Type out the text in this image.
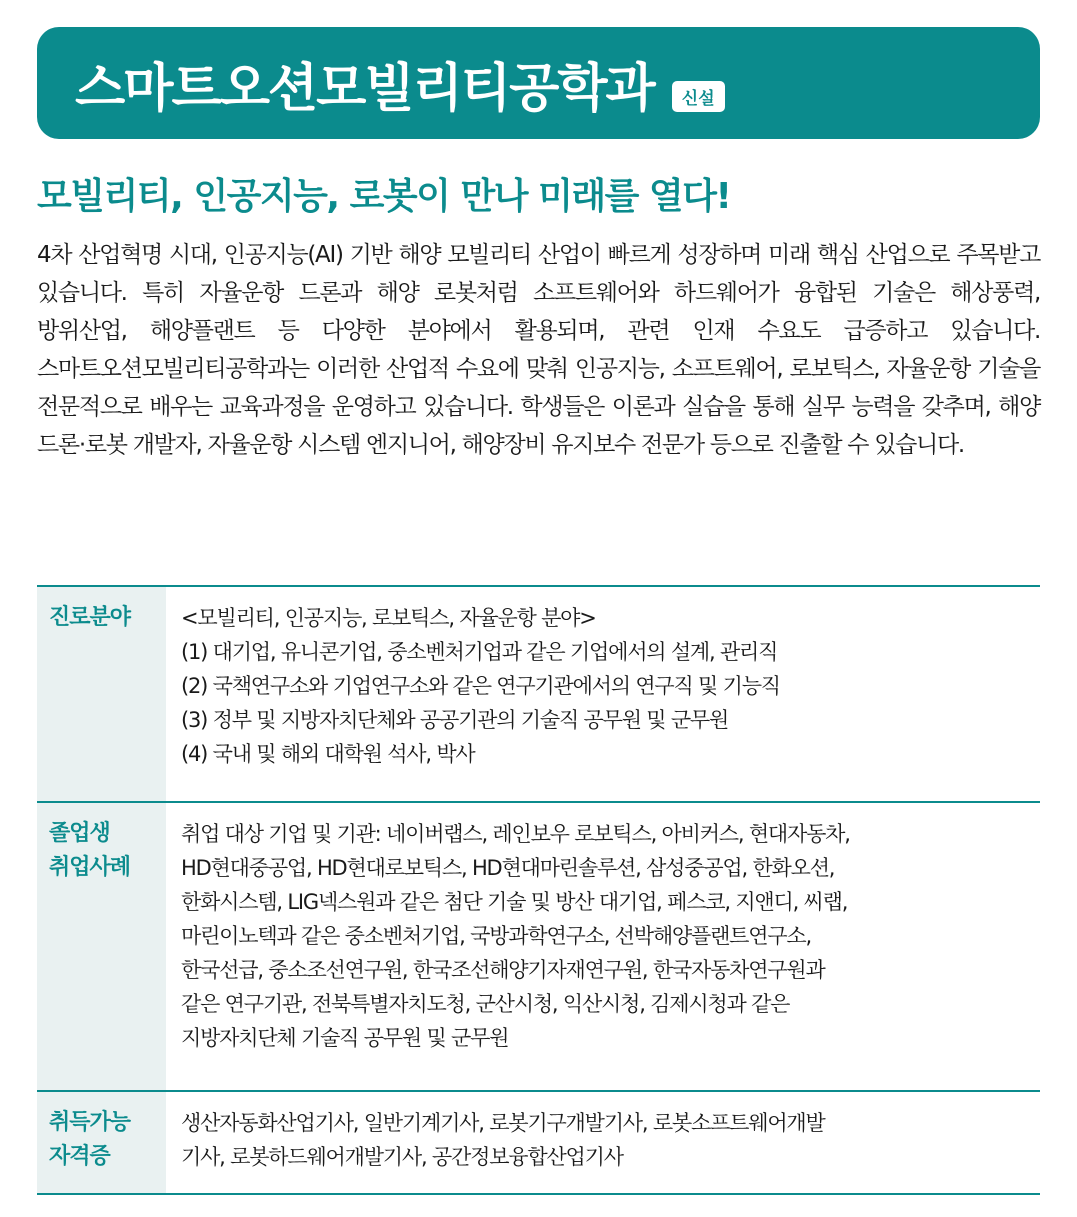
스마트오션모빌리티공학과	신설
모빌리티, 인공지능, 로봇이 만나 미래를 열다!
4차 산업혁명 시대, 인공지능(AI) 기반 해양 모빌리티 산업이 빠르게 성장하며 미래 핵심 산업으로 주목받고 있습니다. 특히 자율운항 드론과 해양 로봇처럼 소프트웨어와 하드웨어가 융합된 기술은 해상풍력, 방위산업, 해양플랜트 등 다양한 분야에서 활용되며, 관련 인재 수요도 급증하고 있습니다. 스마트오션모빌리티공학과는 이러한 산업적 수요에 맞춰 인공지능, 소프트웨어, 로보틱스, 자율운항 기술을 전문적으로 배우는 교육과정을 운영하고 있습니다. 학생들은 이론과 실습을 통해 실무 능력을 갖추며, 해양 드론·로봇 개발자, 자율운항 시스템 엔지니어, 해양장비 유지보수 전문가 등으로 진출할 수 있습니다.
진로분야	<모빌리티, 인공지능, 로보틱스, 자율운항 분야>
(1) 대기업, 유니콘기업, 중소벤처기업과 같은 기업에서의 설계, 관리직
(2) 국책연구소와 기업연구소와 같은 연구기관에서의 연구직 및 기능직
(3) 정부 및 지방자치단체와 공공기관의 기술직 공무원 및 군무원
(4) 국내 및 해외 대학원 석사, 박사
졸업생
취업사례
취업 대상 기업 및 기관: 네이버랩스, 레인보우 로보틱스, 아비커스, 현대자동차,
HD현대중공업, HD현대로보틱스, HD현대마린솔루션, 삼성중공업, 한화오션,
한화시스템, LIG넥스원과 같은 첨단 기술 및 방산 대기업, 페스코, 지앤디, 씨랩,
마린이노텍과 같은 중소벤처기업, 국방과학연구소, 선박해양플랜트연구소,
한국선급, 중소조선연구원, 한국조선해양기자재연구원, 한국자동차연구원과
같은 연구기관, 전북특별자치도청, 군산시청, 익산시청, 김제시청과 같은
지방자치단체 기술직 공무원 및 군무원
취득가능
자격증
생산자동화산업기사, 일반기계기사, 로봇기구개발기사, 로봇소프트웨어개발
기사, 로봇하드웨어개발기사, 공간정보융합산업기사
